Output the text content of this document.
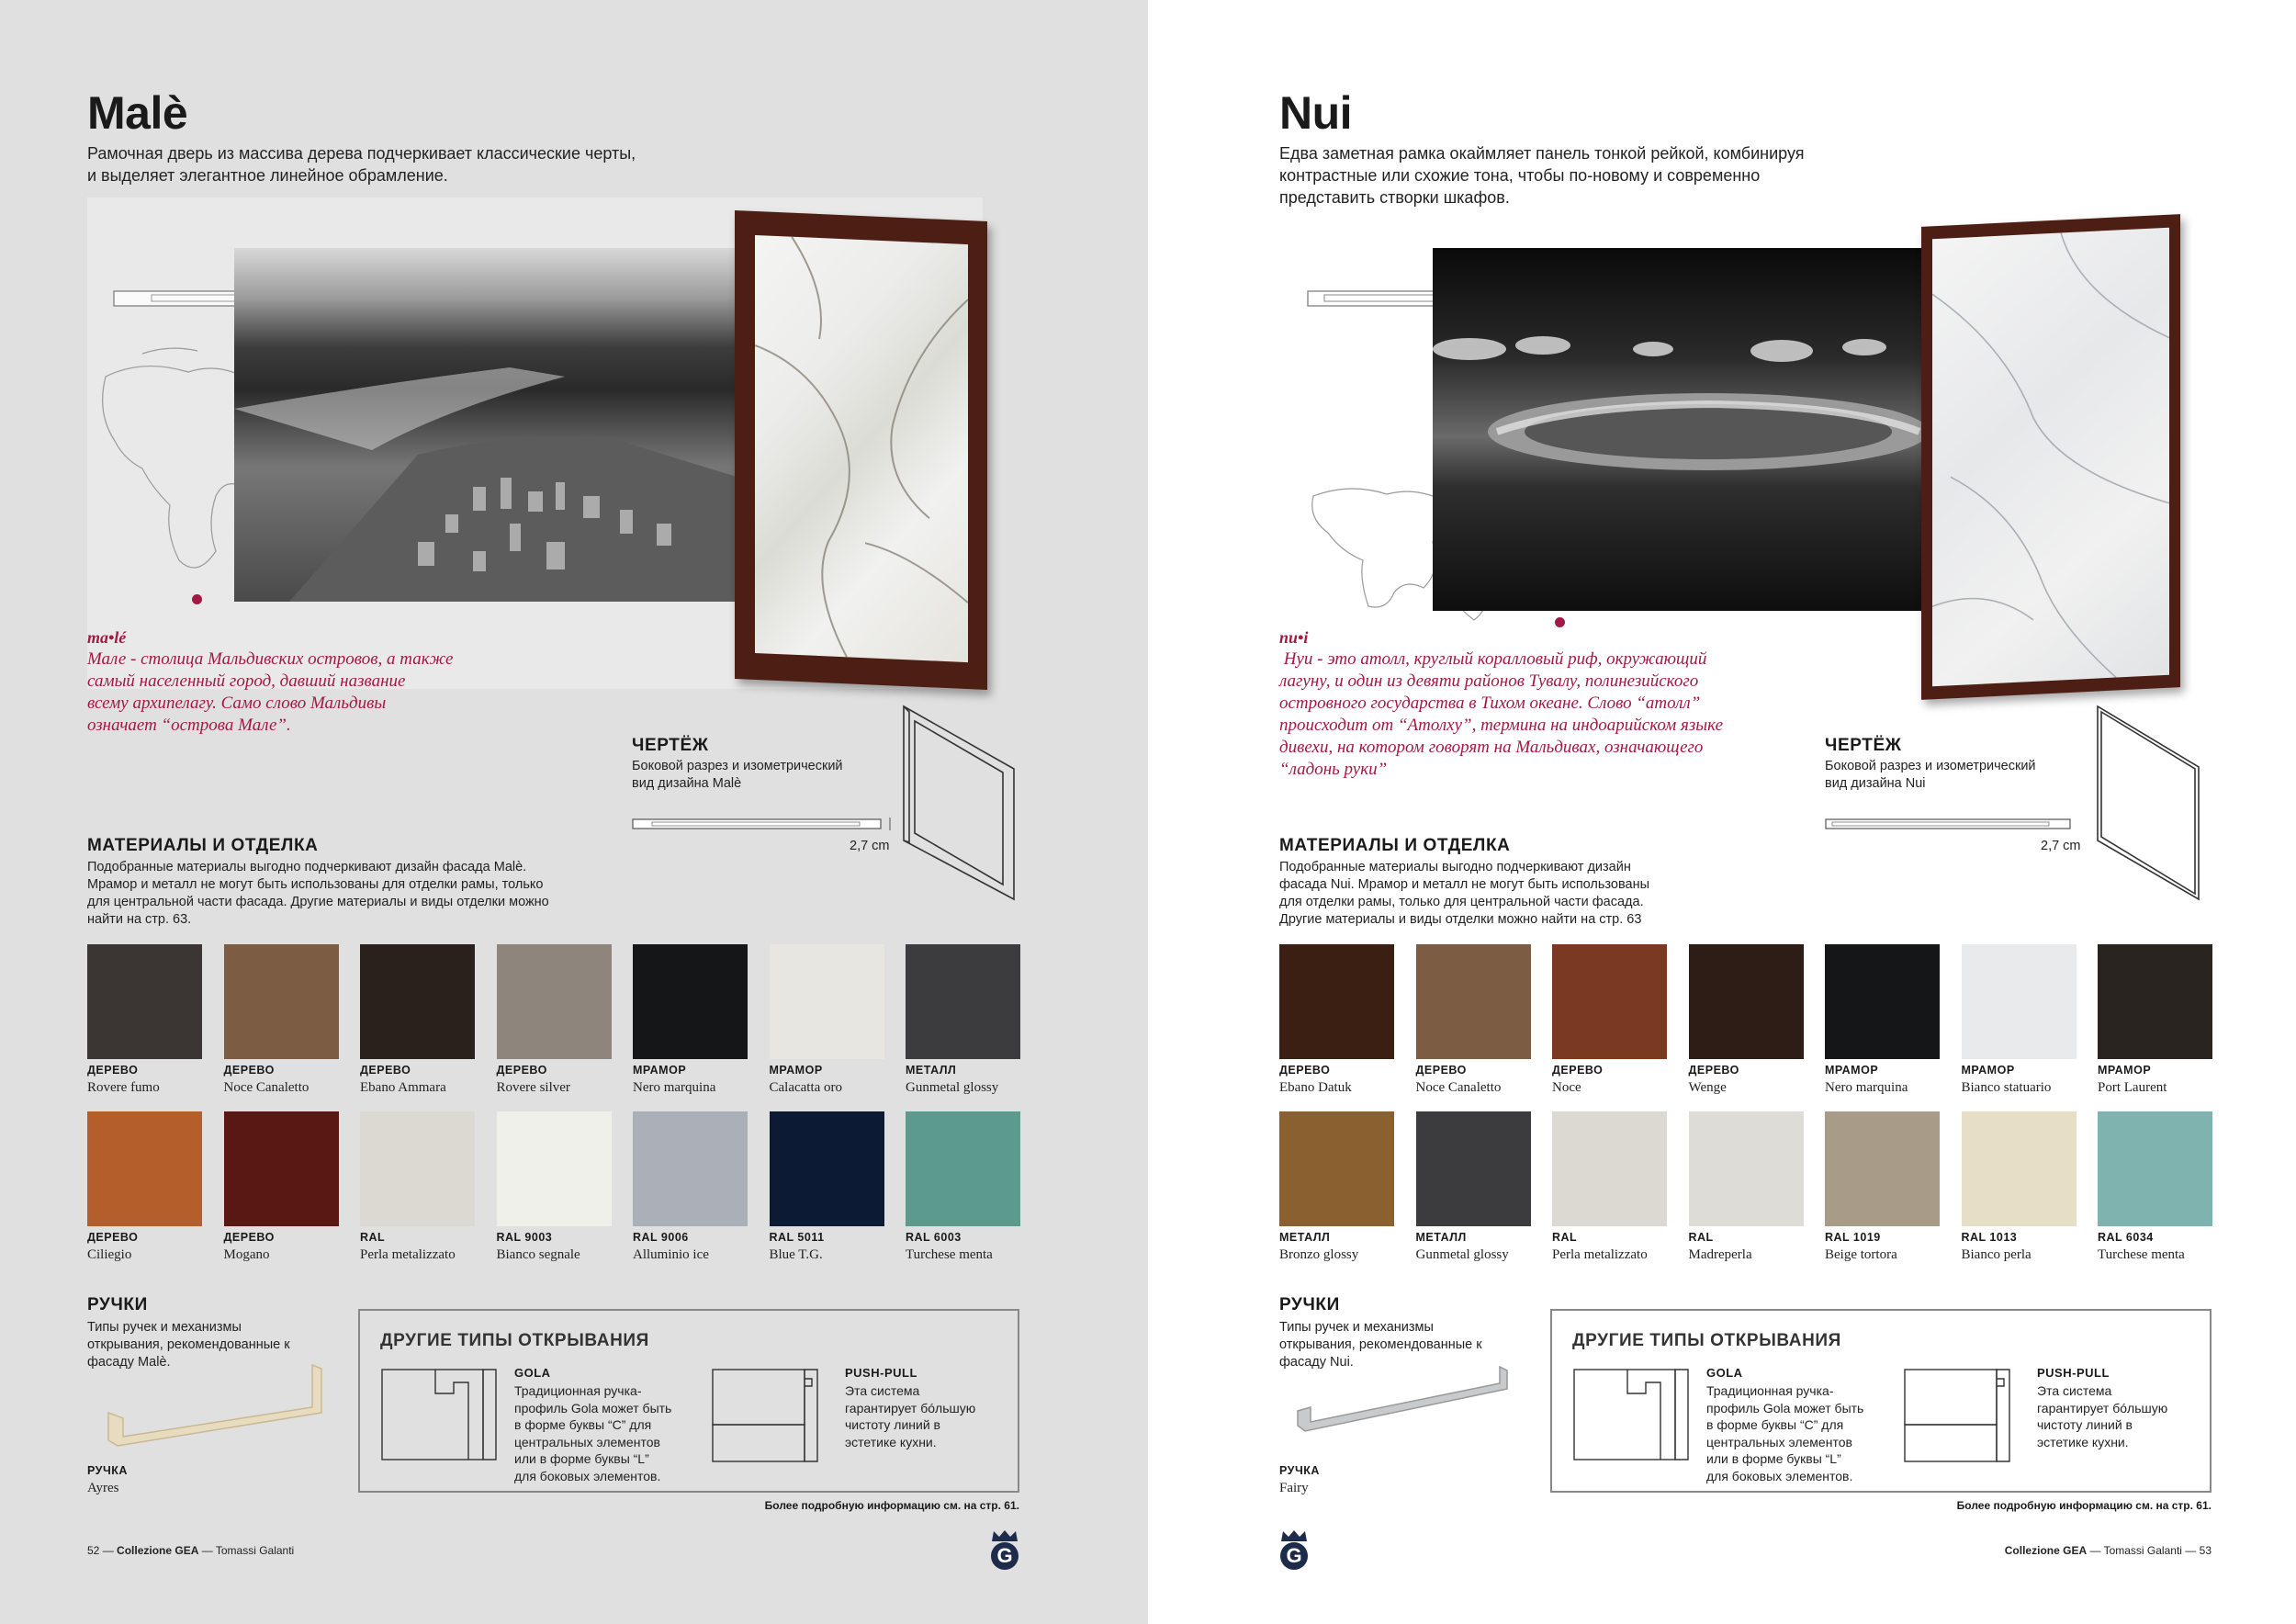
Malè
Рамочная дверь из массива дерева подчеркивает классические черты,
и выделяет элегантное линейное обрамление.
ma•lé
Мале - столица Мальдивских островов, а также
самый населенный город, давший название
всему архипелагу. Само слово Мальдивы
означает “острова Мале”.
ЧЕРТЁЖ
Боковой разрез и изометрический
вид дизайна Malè
2,7 cm
МАТЕРИАЛЫ И ОТДЕЛКА
Подобранные материалы выгодно подчеркивают дизайн фасада Malè.
Мрамор и металл не могут быть использованы для отделки рамы, только
для центральной части фасада. Другие материалы и виды отделки можно
найти на стр. 63.
ДЕРЕВО
Rovere fumo
ДЕРЕВО
Noce Canaletto
ДЕРЕВО
Ebano Ammara
ДЕРЕВО
Rovere silver
МРАМОР
Nero marquina
МРАМОР
Calacatta oro
МЕТАЛЛ
Gunmetal glossy
ДЕРЕВО
Ciliegio
ДЕРЕВО
Mogano
RAL
Perla metalizzato
RAL 9003
Bianco segnale
RAL 9006
Alluminio ice
RAL 5011
Blue T.G.
RAL 6003
Turchese menta
РУЧКИ
Типы ручек и механизмы
открывания, рекомендованные к
фасаду Malè.
РУЧКА
Ayres
ДРУГИЕ ТИПЫ ОТКРЫВАНИЯ
GOLA
Традиционная ручка-
профиль Gola может быть
в форме буквы “С” для
центральных элементов
или в форме буквы “L”
для боковых элементов.
PUSH-PULL
Эта система
гарантирует бóльшую
чистоту линий в
эстетике кухни.
Более подробную информацию см. на стр. 61.
52 — Collezione GEA — Tomassi Galanti	G
Nui
Едва заметная рамка окаймляет панель тонкой рейкой, комбинируя
контрастные или схожие тона, чтобы по-новому и современно
представить створки шкафов.
nu•i
Нуи - это атолл, круглый коралловый риф, окружающий
лагуну, и один из девяти районов Тувалу, полинезийского
островного государства в Тихом океане. Слово “атолл”
происходит от “Атолху”, термина на индоарийском языке
дивехи, на котором говорят на Мальдивах, означающего
“ладонь руки”
ЧЕРТЁЖ
Боковой разрез и изометрический
вид дизайна Nui
2,7 cm
МАТЕРИАЛЫ И ОТДЕЛКА
Подобранные материалы выгодно подчеркивают дизайн
фасада Nui. Мрамор и металл не могут быть использованы
для отделки рамы, только для центральной части фасада.
Другие материалы и виды отделки можно найти на стр. 63
ДЕРЕВО
Ebano Datuk
ДЕРЕВО
Noce Canaletto
ДЕРЕВО
Noce
ДЕРЕВО
Wenge
МРАМОР
Nero marquina
МРАМОР
Bianco statuario
МРАМОР
Port Laurent
МЕТАЛЛ
Bronzo glossy
МЕТАЛЛ
Gunmetal glossy
RAL
Perla metalizzato
RAL
Madreperla
RAL 1019
Beige tortora
RAL 1013
Bianco perla
RAL 6034
Turchese menta
РУЧКИ
Типы ручек и механизмы
открывания, рекомендованные к
фасаду Nui.
РУЧКА
Fairy
ДРУГИЕ ТИПЫ ОТКРЫВАНИЯ
GOLA
Традиционная ручка-
профиль Gola может быть
в форме буквы “С” для
центральных элементов
или в форме буквы “L”
для боковых элементов.
PUSH-PULL
Эта система
гарантирует бóльшую
чистоту линий в
эстетике кухни.
Более подробную информацию см. на стр. 61.
G	Collezione GEA — Tomassi Galanti — 53
